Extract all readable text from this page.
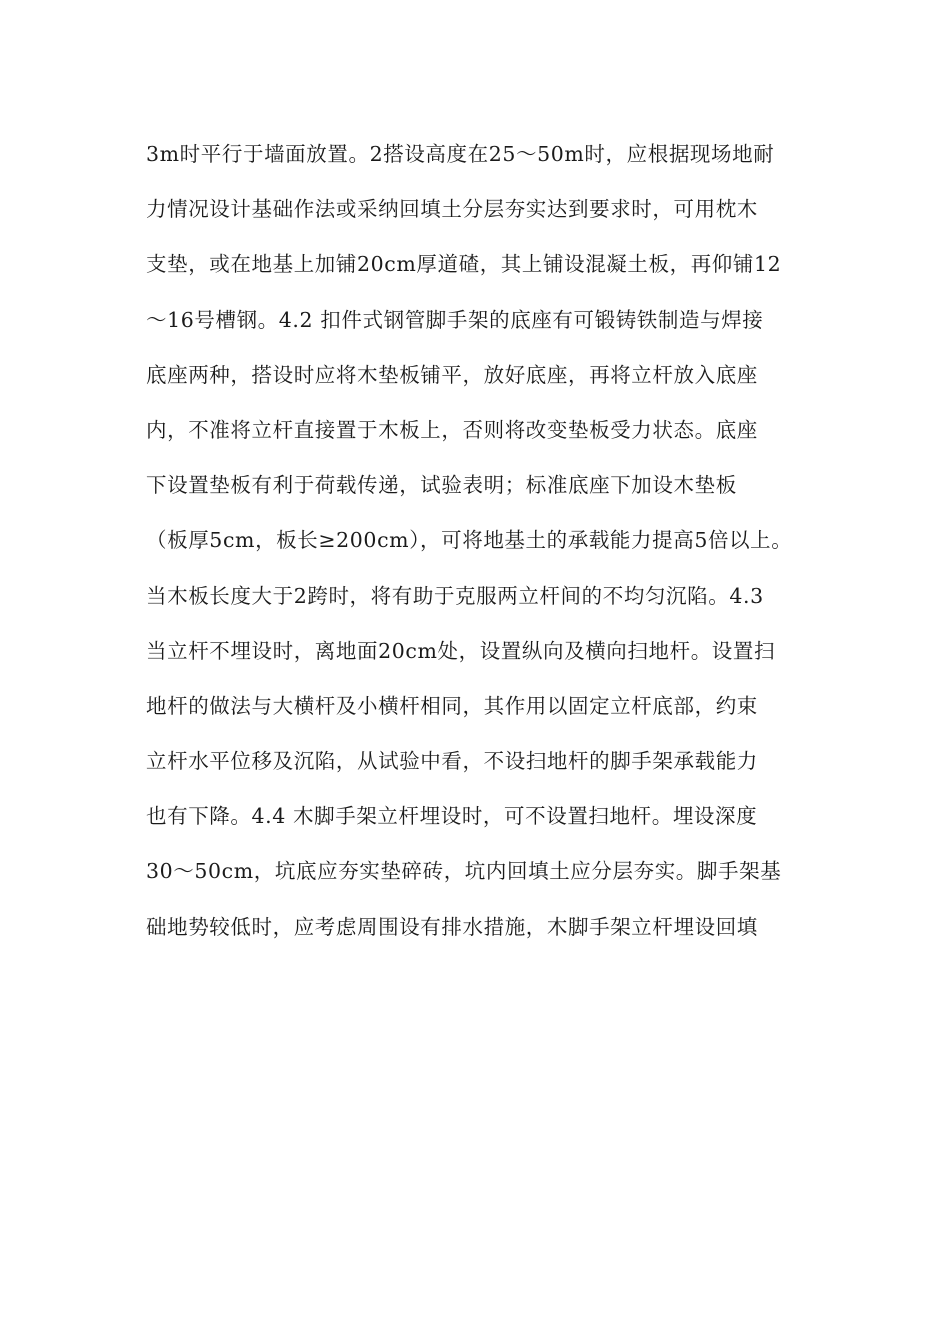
3m时平行于墙面放置。2搭设高度在25～50m时，应根据现场地耐
力情况设计基础作法或采纳回填土分层夯实达到要求时，可用枕木
支垫，或在地基上加铺20cm厚道碴，其上铺设混凝土板，再仰铺12
～16号槽钢。4.2 扣件式钢管脚手架的底座有可锻铸铁制造与焊接
底座两种，搭设时应将木垫板铺平，放好底座，再将立杆放入底座
内，不准将立杆直接置于木板上，否则将改变垫板受力状态。底座
下设置垫板有利于荷载传递，试验表明；标准底座下加设木垫板
（板厚5cm，板长≥200cm），可将地基土的承载能力提高5倍以上。
当木板长度大于2跨时，将有助于克服两立杆间的不均匀沉陷。4.3
当立杆不埋设时，离地面20cm处，设置纵向及横向扫地杆。设置扫
地杆的做法与大横杆及小横杆相同，其作用以固定立杆底部，约束
立杆水平位移及沉陷，从试验中看，不设扫地杆的脚手架承载能力
也有下降。4.4 木脚手架立杆埋设时，可不设置扫地杆。埋设深度
30～50cm，坑底应夯实垫碎砖，坑内回填土应分层夯实。脚手架基
础地势较低时，应考虑周围设有排水措施，木脚手架立杆埋设回填
